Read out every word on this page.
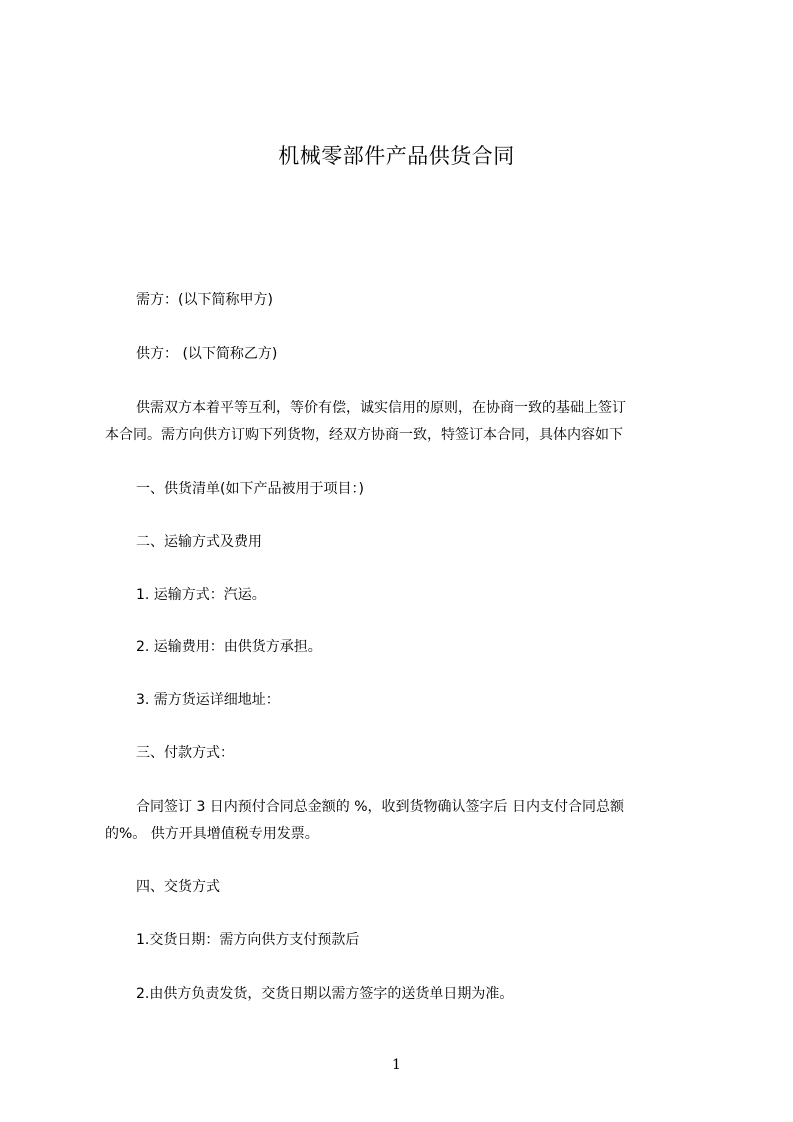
机械零部件产品供货合同

需方：(以下简称甲方)

供方： (以下简称乙方)

供需双方本着平等互利，等价有偿，诚实信用的原则，在协商一致的基础上签订
本合同。需方向供方订购下列货物，经双方协商一致，特签订本合同，具体内容如下

一、供货清单(如下产品被用于项目：)

二、运输方式及费用

1. 运输方式：汽运。

2. 运输费用：由供货方承担。

3. 需方货运详细地址：

三、付款方式：

合同签订 3 日内预付合同总金额的 %，收到货物确认签字后 日内支付合同总额
的%。 供方开具增值税专用发票。

四、交货方式

1.交货日期：需方向供方支付预款后

2.由供方负责发货，交货日期以需方签字的送货单日期为准。

1
